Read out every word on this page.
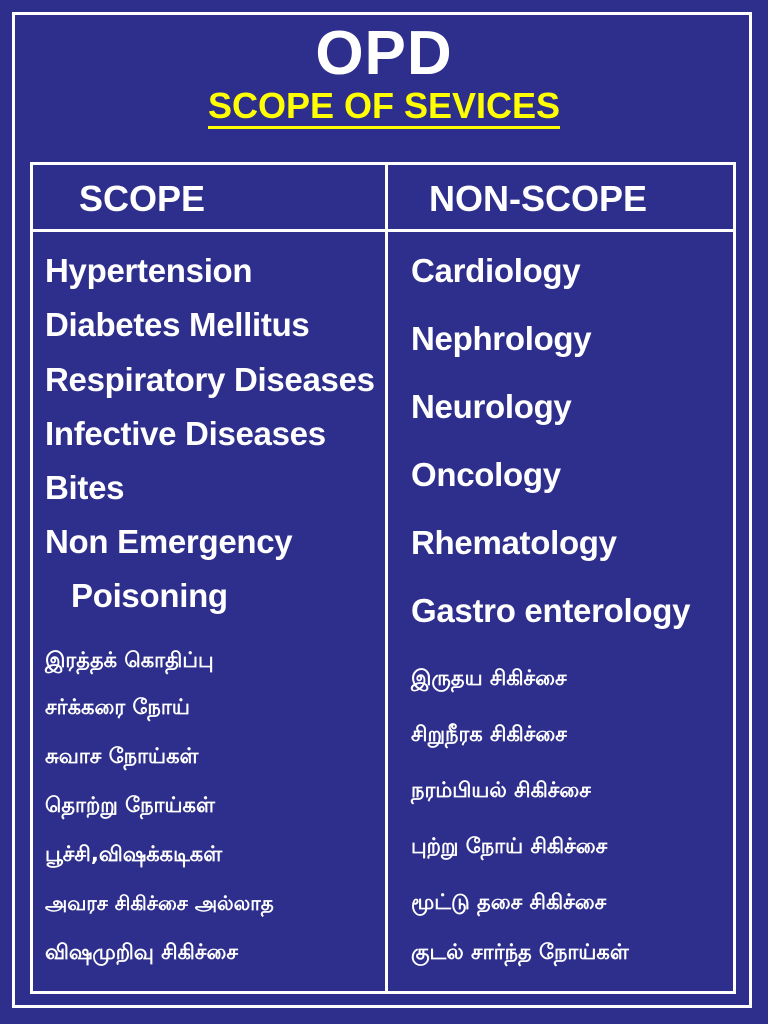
OPD
SCOPE OF SEVICES
SCOPE	NON-SCOPE
Hypertension
Diabetes Mellitus
Respiratory Diseases
Infective Diseases
Bites
Non Emergency
Poisoning
இரத்தக் கொதிப்பு
சர்க்கரை நோய்
சுவாச நோய்கள்
தொற்று நோய்கள்
பூச்சி,விஷக்கடிகள்
அவரச சிகிச்சை அல்லாத
விஷமுறிவு சிகிச்சை
Cardiology
Nephrology
Neurology
Oncology
Rhematology
Gastro enterology
இருதய சிகிச்சை
சிறுநீரக சிகிச்சை
நரம்பியல் சிகிச்சை
புற்று நோய் சிகிச்சை
மூட்டு தசை சிகிச்சை
குடல் சார்ந்த நோய்கள்
